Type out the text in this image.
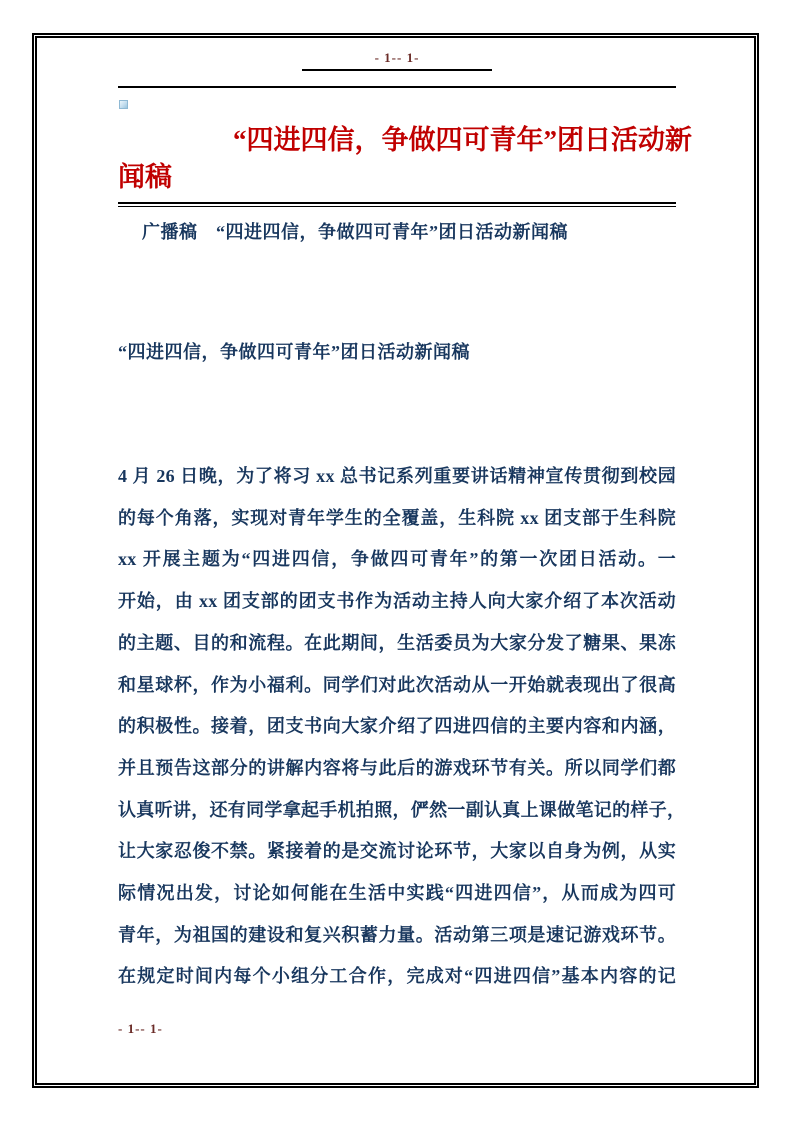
- 1-- 1-
“四进四信，争做四可青年”团日活动新
闻稿
广播稿　“四进四信，争做四可青年”团日活动新闻稿
“四进四信，争做四可青年”团日活动新闻稿
4 月 26 日晚，为了将习 xx 总书记系列重要讲话精神宣传贯彻到校园
的每个角落，实现对青年学生的全覆盖，生科院 xx 团支部于生科院
xx 开展主题为“四进四信，争做四可青年”的第一次团日活动。一
开始，由 xx 团支部的团支书作为活动主持人向大家介绍了本次活动
的主题、目的和流程。在此期间，生活委员为大家分发了糖果、果冻
和星球杯，作为小福利。同学们对此次活动从一开始就表现出了很高
的积极性。接着，团支书向大家介绍了四进四信的主要内容和内涵，
并且预告这部分的讲解内容将与此后的游戏环节有关。所以同学们都
认真听讲，还有同学拿起手机拍照，俨然一副认真上课做笔记的样子，
让大家忍俊不禁。紧接着的是交流讨论环节，大家以自身为例，从实
际情况出发，讨论如何能在生活中实践“四进四信”，从而成为四可
青年，为祖国的建设和复兴积蓄力量。活动第三项是速记游戏环节。
在规定时间内每个小组分工合作，完成对“四进四信”基本内容的记
- 1-- 1-
